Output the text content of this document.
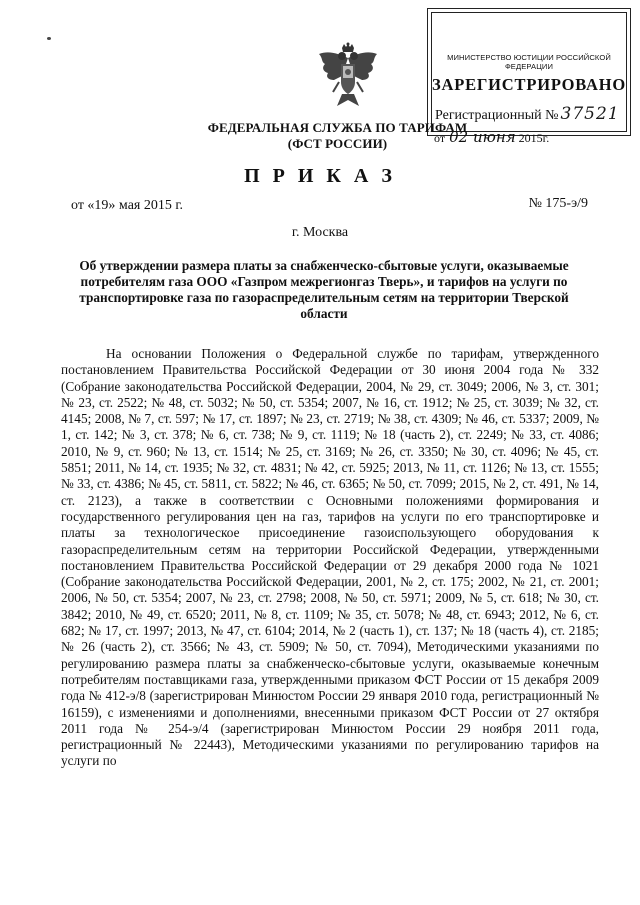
МИНИСТЕРСТВО ЮСТИЦИИ РОССИЙСКОЙ ФЕДЕРАЦИИ
ЗАРЕГИСТРИРОВАНО
Регистрационный № 37521
от 02 июня 2015г.
ФЕДЕРАЛЬНАЯ СЛУЖБА ПО ТАРИФАМ
(ФСТ РОССИИ)
П Р И К А З
от «19» мая 2015 г.	№ 175-э/9
г. Москва
Об утверждении размера платы за снабженческо-сбытовые услуги, оказываемые потребителям газа ООО «Газпром межрегионгаз Тверь», и тарифов на услуги по транспортировке газа по газораспределительным сетям на территории Тверской области

На основании Положения о Федеральной службе по тарифам, утвержденного постановлением Правительства Российской Федерации от 30 июня 2004 года № 332 (Собрание законодательства Российской Федерации, 2004, № 29, ст. 3049; 2006, № 3, ст. 301; № 23, ст. 2522; № 48, ст. 5032; № 50, ст. 5354; 2007, № 16, ст. 1912; № 25, ст. 3039; № 32, ст. 4145; 2008, № 7, ст. 597; № 17, ст. 1897; № 23, ст. 2719; № 38, ст. 4309; № 46, ст. 5337; 2009, № 1, ст. 142; № 3, ст. 378; № 6, ст. 738; № 9, ст. 1119; № 18 (часть 2), ст. 2249; № 33, ст. 4086; 2010, № 9, ст. 960; № 13, ст. 1514; № 25, ст. 3169; № 26, ст. 3350; № 30, ст. 4096; № 45, ст. 5851; 2011, № 14, ст. 1935; № 32, ст. 4831; № 42, ст. 5925; 2013, № 11, ст. 1126; № 13, ст. 1555; № 33, ст. 4386; № 45, ст. 5811, ст. 5822; № 46, ст. 6365; № 50, ст. 7099; 2015, № 2, ст. 491, № 14, ст. 2123), а также в соответствии с Основными положениями формирования и государственного регулирования цен на газ, тарифов на услуги по его транспортировке и платы за технологическое присоединение газоиспользующего оборудования к газораспределительным сетям на территории Российской Федерации, утвержденными постановлением Правительства Российской Федерации от 29 декабря 2000 года № 1021 (Собрание законодательства Российской Федерации, 2001, № 2, ст. 175; 2002, № 21, ст. 2001; 2006, № 50, ст. 5354; 2007, № 23, ст. 2798; 2008, № 50, ст. 5971; 2009, № 5, ст. 618; № 30, ст. 3842; 2010, № 49, ст. 6520; 2011, № 8, ст. 1109; № 35, ст. 5078; № 48, ст. 6943; 2012, № 6, ст. 682; № 17, ст. 1997; 2013, № 47, ст. 6104; 2014, № 2 (часть 1), ст. 137; № 18 (часть 4), ст. 2185; № 26 (часть 2), ст. 3566; № 43, ст. 5909; № 50, ст. 7094), Методическими указаниями по регулированию размера платы за снабженческо-сбытовые услуги, оказываемые конечным потребителям поставщиками газа, утвержденными приказом ФСТ России от 15 декабря 2009 года № 412-э/8 (зарегистрирован Минюстом России 29 января 2010 года, регистрационный № 16159), с изменениями и дополнениями, внесенными приказом ФСТ России от 27 октября 2011 года № 254-э/4 (зарегистрирован Минюстом России 29 ноября 2011 года, регистрационный № 22443), Методическими указаниями по регулированию тарифов на услуги по
